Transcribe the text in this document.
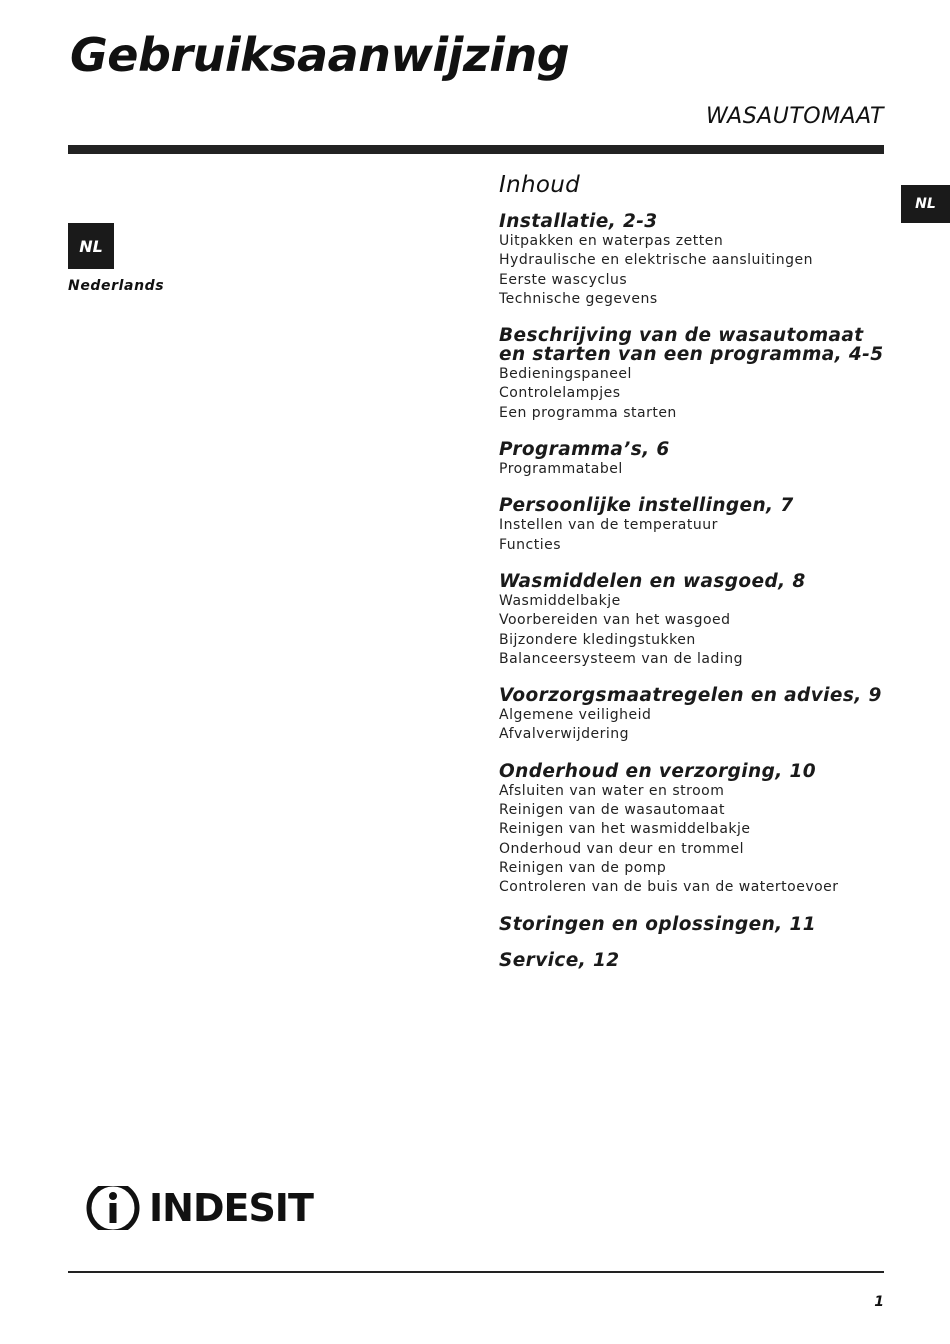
Gebruiksaanwijzing
WASAUTOMAAT
NL
NL
Nederlands
Inhoud
Installatie, 2-3
Uitpakken en waterpas zetten
Hydraulische en elektrische aansluitingen
Eerste wascyclus
Technische gegevens
Beschrijving van de wasautomaat en starten van een programma, 4-5
Bedieningspaneel
Controlelampjes
Een programma starten
Programma’s, 6
Programmatabel
Persoonlijke instellingen, 7
Instellen van de temperatuur
Functies
Wasmiddelen en wasgoed, 8
Wasmiddelbakje
Voorbereiden van het wasgoed
Bijzondere kledingstukken
Balanceersysteem van de lading
Voorzorgsmaatregelen en advies, 9
Algemene veiligheid
Afvalverwijdering
Onderhoud en verzorging, 10
Afsluiten van water en stroom
Reinigen van de wasautomaat
Reinigen van het wasmiddelbakje
Onderhoud van deur en trommel
Reinigen van de pomp
Controleren van de buis van de watertoevoer
Storingen en oplossingen, 11
Service, 12
INDESIT
1
